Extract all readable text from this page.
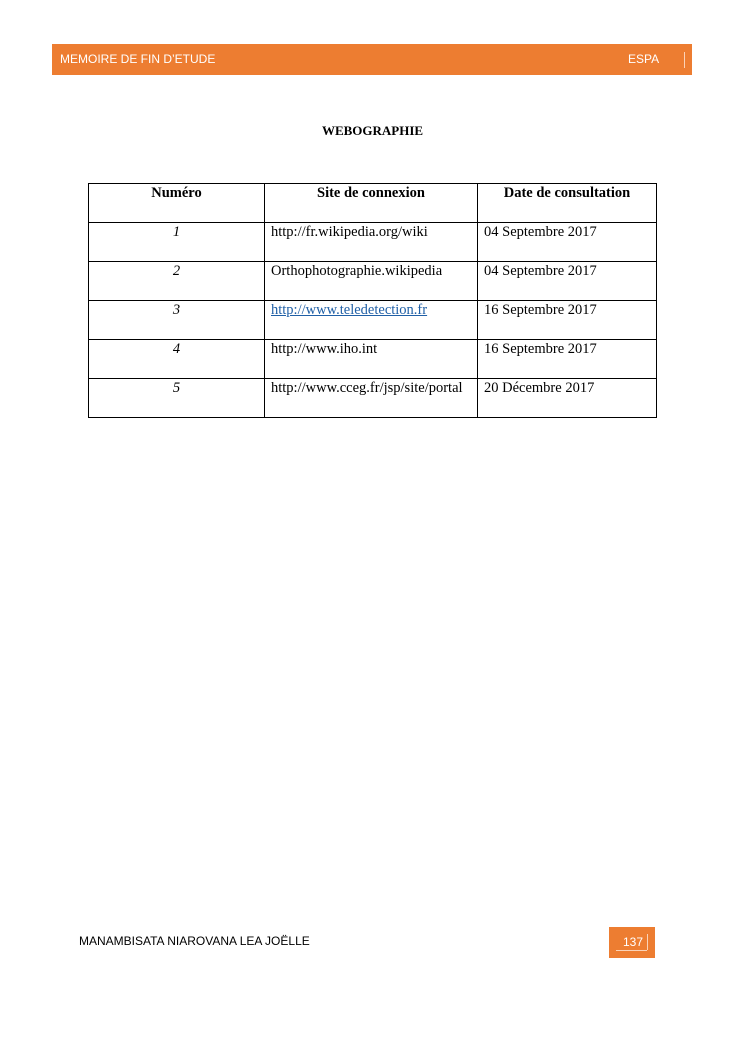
MEMOIRE DE FIN D’ETUDE	ESPA
WEBOGRAPHIE
Numéro	Site de connexion	Date de consultation
1	http://fr.wikipedia.org/wiki	04 Septembre 2017
2	Orthophotographie.wikipedia	04 Septembre 2017
3	http://www.teledetection.fr	16 Septembre 2017
4	http://www.iho.int	16 Septembre 2017
5	http://www.cceg.fr/jsp/site/portal	20 Décembre 2017
MANAMBISATA NIAROVANA LEA JOËLLE	137
